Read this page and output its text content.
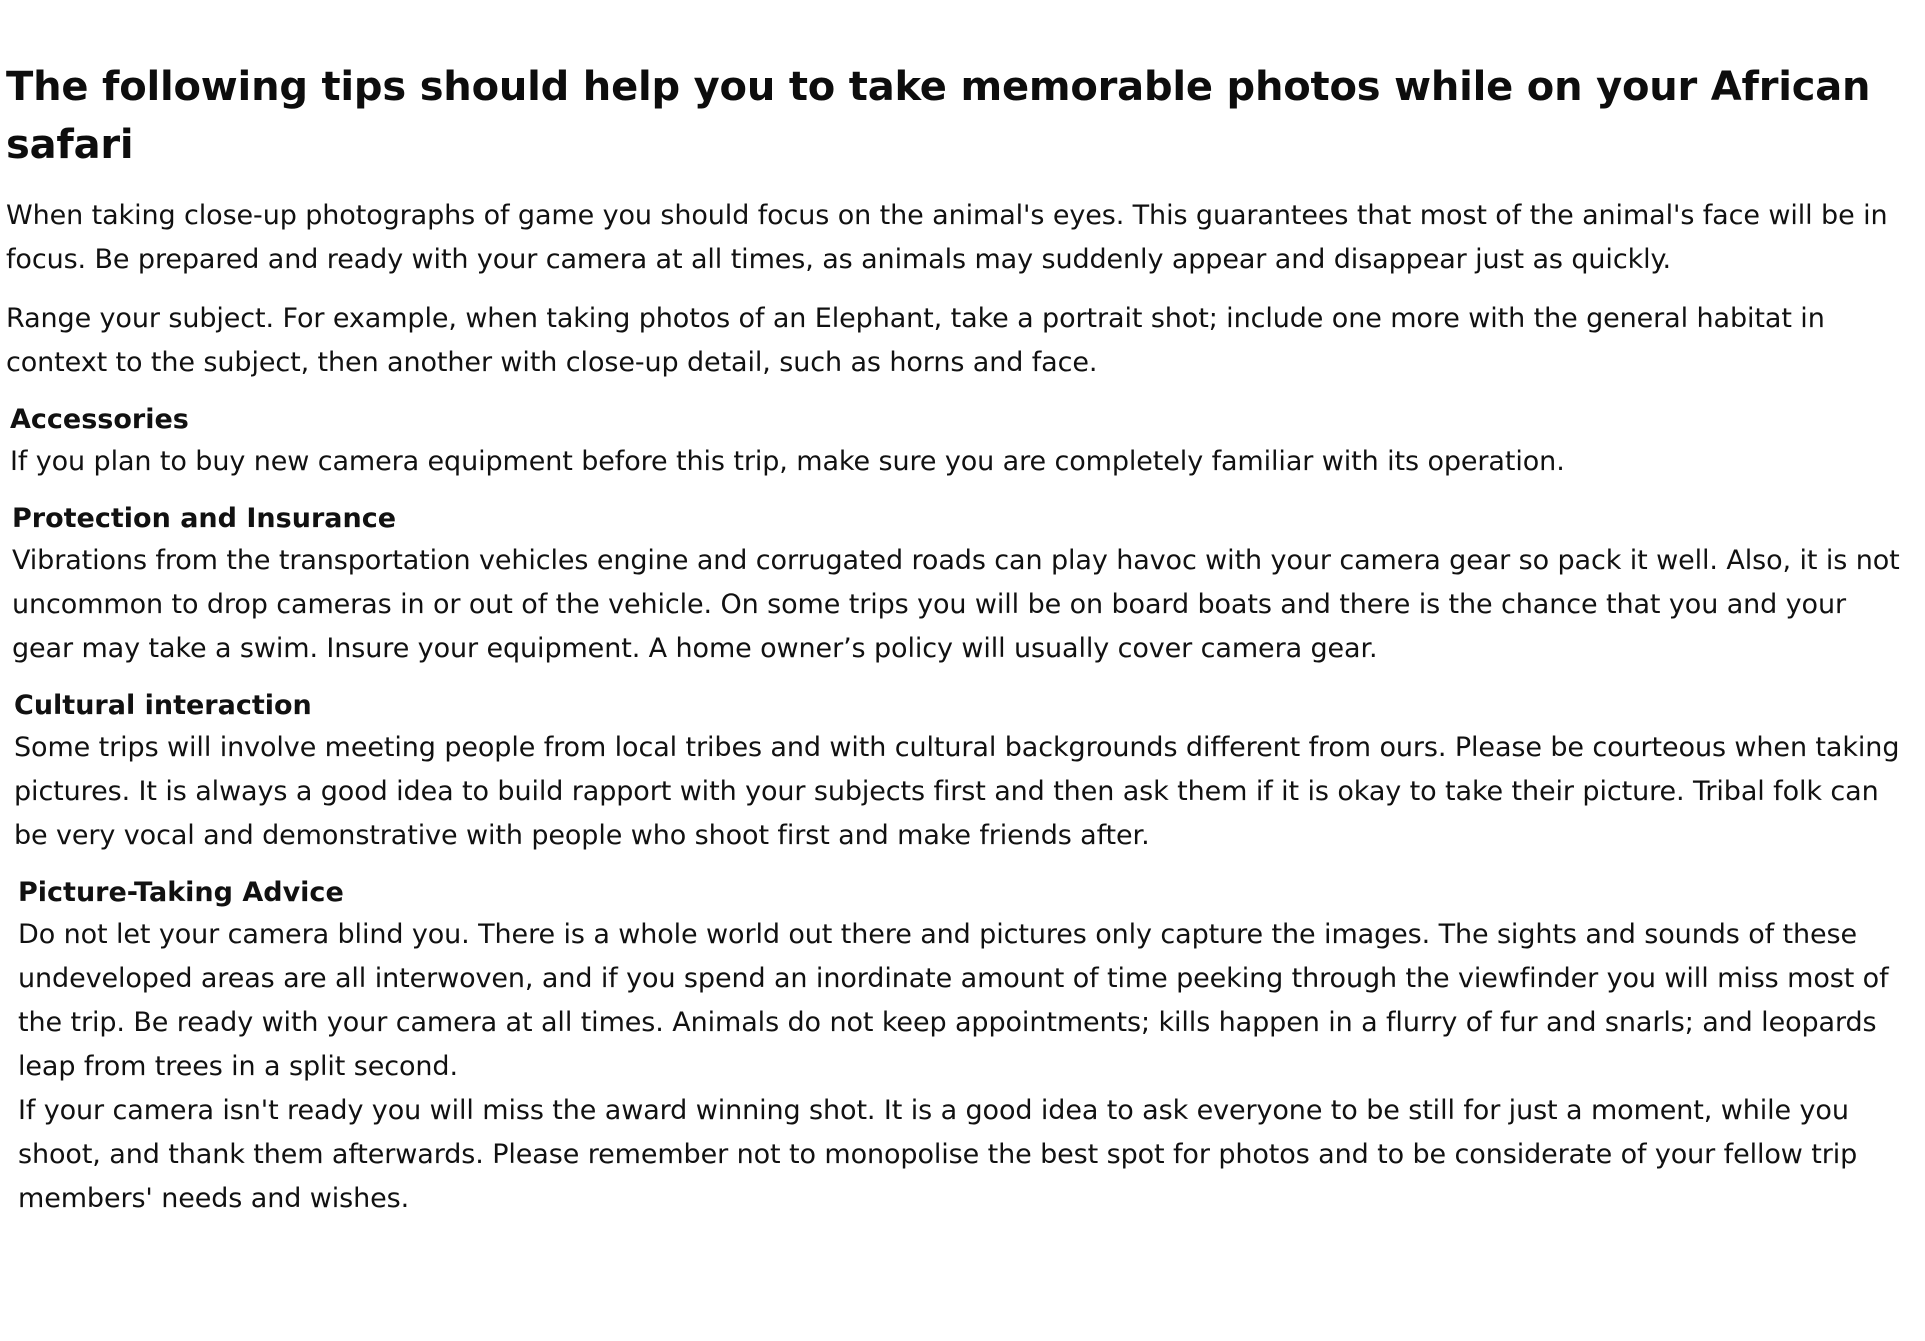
The following tips should help you to take memorable photos while on your African safari

When taking close-up photographs of game you should focus on the animal's eyes. This guarantees that most of the animal's face will be in focus. Be prepared and ready with your camera at all times, as animals may suddenly appear and disappear just as quickly.

Range your subject. For example, when taking photos of an Elephant, take a portrait shot; include one more with the general habitat in context to the subject, then another with close-up detail, such as horns and face.

Accessories

If you plan to buy new camera equipment before this trip, make sure you are completely familiar with its operation.

Protection and Insurance

Vibrations from the transportation vehicles engine and corrugated roads can play havoc with your camera gear so pack it well. Also, it is not uncommon to drop cameras in or out of the vehicle. On some trips you will be on board boats and there is the chance that you and your gear may take a swim. Insure your equipment. A home owner’s policy will usually cover camera gear.

Cultural interaction

Some trips will involve meeting people from local tribes and with cultural backgrounds different from ours. Please be courteous when taking pictures. It is always a good idea to build rapport with your subjects first and then ask them if it is okay to take their picture. Tribal folk can be very vocal and demonstrative with people who shoot first and make friends after.

Picture-Taking Advice

Do not let your camera blind you. There is a whole world out there and pictures only capture the images. The sights and sounds of these undeveloped areas are all interwoven, and if you spend an inordinate amount of time peeking through the viewfinder you will miss most of the trip. Be ready with your camera at all times. Animals do not keep appointments; kills happen in a flurry of fur and snarls; and leopards leap from trees in a split second.

If your camera isn't ready you will miss the award winning shot. It is a good idea to ask everyone to be still for just a moment, while you shoot, and thank them afterwards. Please remember not to monopolise the best spot for photos and to be considerate of your fellow trip members' needs and wishes.
